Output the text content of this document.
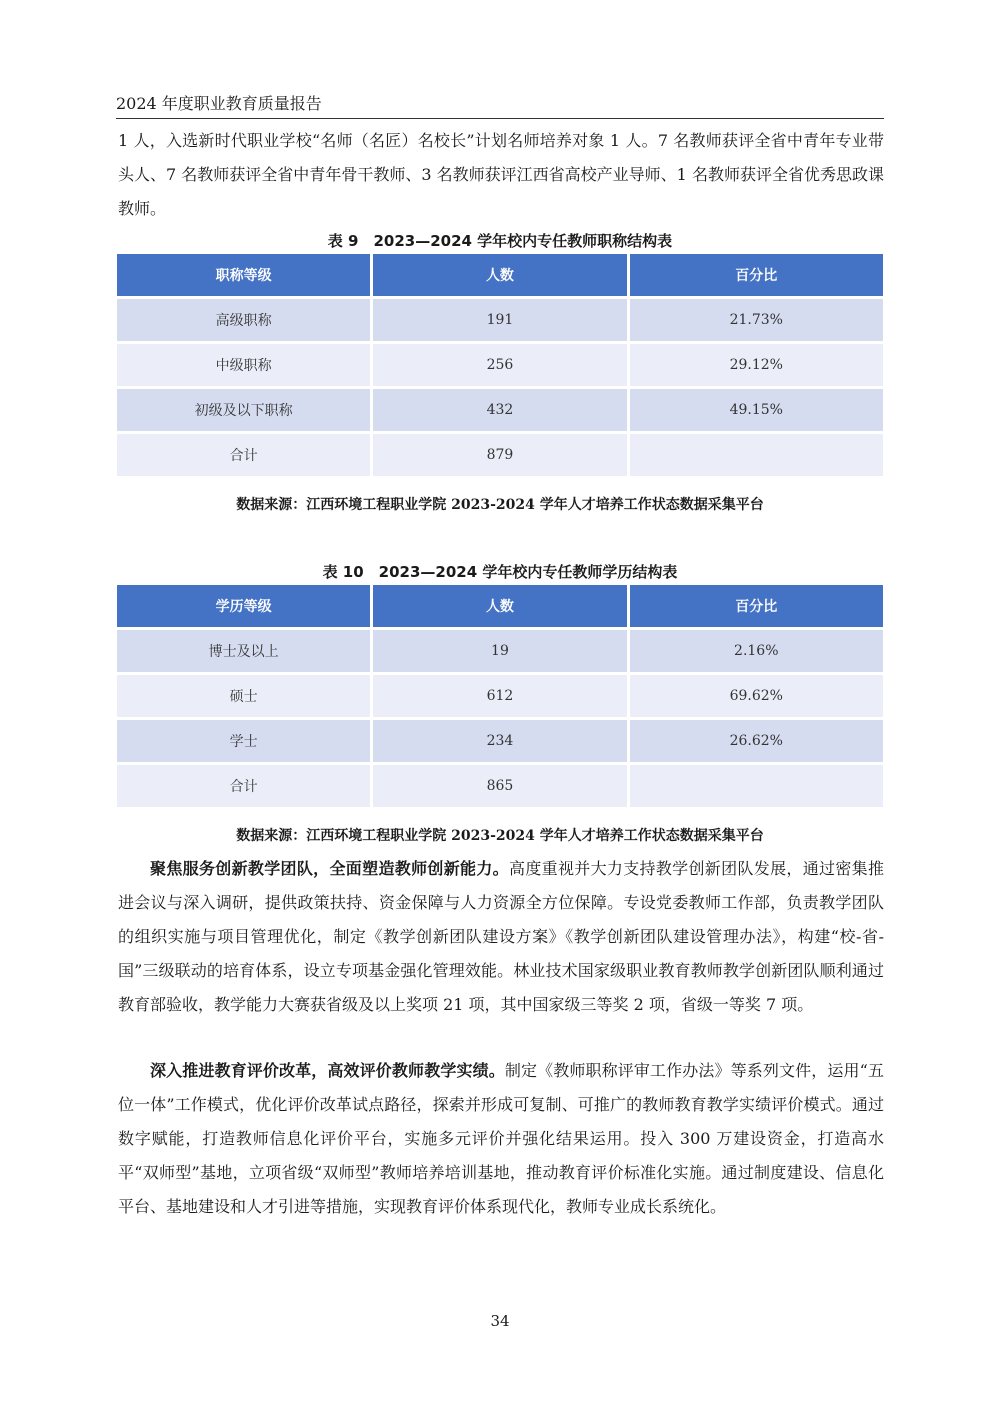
2024 年度职业教育质量报告

1 人，入选新时代职业学校“名师（名匠）名校长”计划名师培养对象 1 人。7 名教师获评全省中青年专业带头人、7 名教师获评全省中青年骨干教师、3 名教师获评江西省高校产业导师、1 名教师获评全省优秀思政课教师。

表 9　2023—2024 学年校内专任教师职称结构表
职称等级	人数	百分比
高级职称	191	21.73%
中级职称	256	29.12%
初级及以下职称	432	49.15%
合计	879	
数据来源：江西环境工程职业学院 2023-2024 学年人才培养工作状态数据采集平台
表 10　2023—2024 学年校内专任教师学历结构表
学历等级	人数	百分比
博士及以上	19	2.16%
硕士	612	69.62%
学士	234	26.62%
合计	865	
数据来源：江西环境工程职业学院 2023-2024 学年人才培养工作状态数据采集平台

聚焦服务创新教学团队，全面塑造教师创新能力。高度重视并大力支持教学创新团队发展，通过密集推进会议与深入调研，提供政策扶持、资金保障与人力资源全方位保障。专设党委教师工作部，负责教学团队的组织实施与项目管理优化，制定《教学创新团队建设方案》《教学创新团队建设管理办法》，构建“校-省-国”三级联动的培育体系，设立专项基金强化管理效能。林业技术国家级职业教育教师教学创新团队顺利通过教育部验收，教学能力大赛获省级及以上奖项 21 项，其中国家级三等奖 2 项，省级一等奖 7 项。

深入推进教育评价改革，高效评价教师教学实绩。制定《教师职称评审工作办法》等系列文件，运用“五位一体”工作模式，优化评价改革试点路径，探索并形成可复制、可推广的教师教育教学实绩评价模式。通过数字赋能，打造教师信息化评价平台，实施多元评价并强化结果运用。投入 300 万建设资金，打造高水平“双师型”基地，立项省级“双师型”教师培养培训基地，推动教育评价标准化实施。通过制度建设、信息化平台、基地建设和人才引进等措施，实现教育评价体系现代化，教师专业成长系统化。

34
